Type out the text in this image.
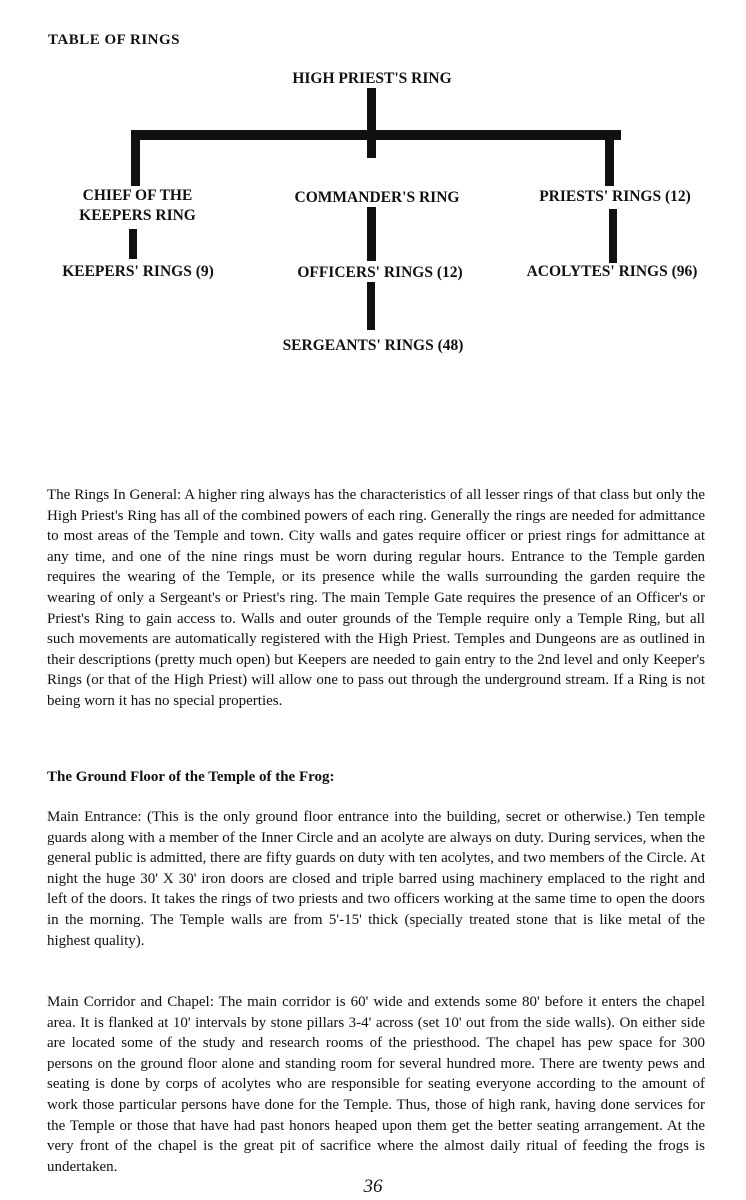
TABLE OF RINGS
HIGH PRIEST'S RING
CHIEF OF THE KEEPERS RING
KEEPERS' RINGS (9)
COMMANDER'S RING
OFFICERS' RINGS (12)
SERGEANTS' RINGS (48)
PRIESTS' RINGS (12)
ACOLYTES' RINGS (96)

The Rings In General: A higher ring always has the characteristics of all lesser rings of that class but only the High Priest's Ring has all of the combined powers of each ring. Generally the rings are needed for admittance to most areas of the Temple and town. City walls and gates require officer or priest rings for admittance at any time, and one of the nine rings must be worn during regular hours. Entrance to the Temple garden requires the wearing of the Temple, or its presence while the walls surrounding the garden require the wearing of only a Sergeant's or Priest's ring. The main Temple Gate requires the presence of an Officer's or Priest's Ring to gain access to. Walls and outer grounds of the Temple require only a Temple Ring, but all such movements are automatically registered with the High Priest. Temples and Dungeons are as outlined in their descriptions (pretty much open) but Keepers are needed to gain entry to the 2nd level and only Keeper's Rings (or that of the High Priest) will allow one to pass out through the underground stream. If a Ring is not being worn it has no special properties.

The Ground Floor of the Temple of the Frog:

Main Entrance: (This is the only ground floor entrance into the building, secret or otherwise.) Ten temple guards along with a member of the Inner Circle and an acolyte are always on duty. During services, when the general public is admitted, there are fifty guards on duty with ten acolytes, and two members of the Circle. At night the huge 30' X 30' iron doors are closed and triple barred using machinery emplaced to the right and left of the doors. It takes the rings of two priests and two officers working at the same time to open the doors in the morning. The Temple walls are from 5'-15' thick (specially treated stone that is like metal of the highest quality).

Main Corridor and Chapel: The main corridor is 60' wide and extends some 80' before it enters the chapel area. It is flanked at 10' intervals by stone pillars 3-4' across (set 10' out from the side walls). On either side are located some of the study and research rooms of the priesthood. The chapel has pew space for 300 persons on the ground floor alone and standing room for several hundred more. There are twenty pews and seating is done by corps of acolytes who are responsible for seating everyone according to the amount of work those particular persons have done for the Temple. Thus, those of high rank, having done services for the Temple or those that have had past honors heaped upon them get the better seating arrangement. At the very front of the chapel is the great pit of sacrifice where the almost daily ritual of feeding the frogs is undertaken.

36
